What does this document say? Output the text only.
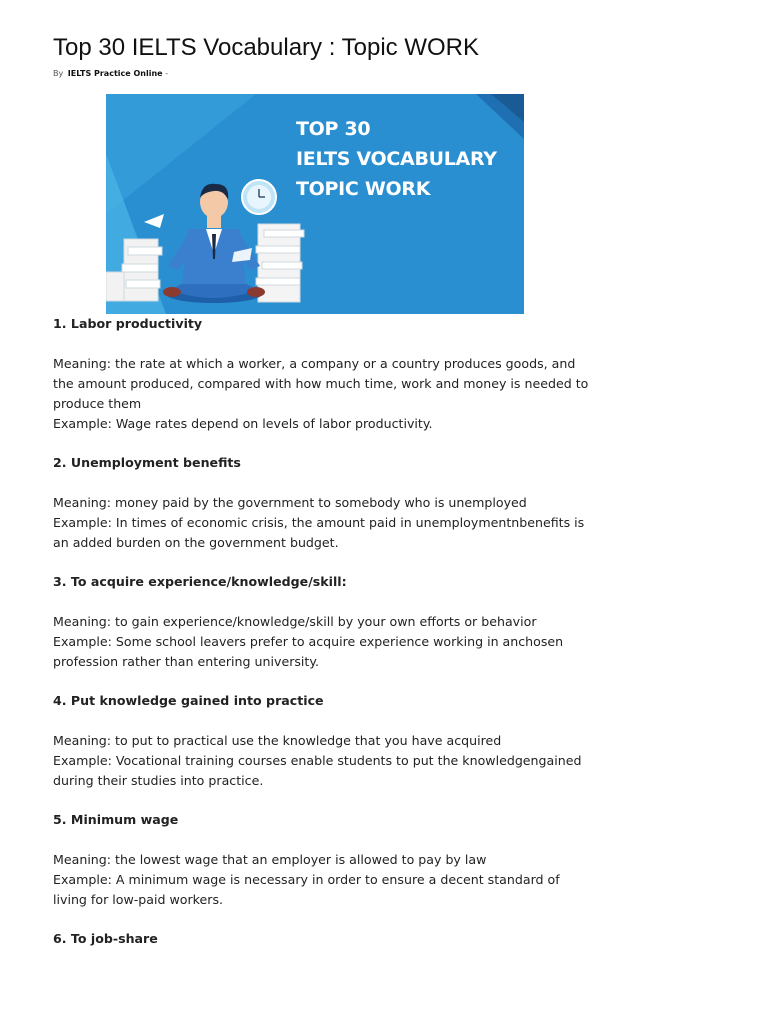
Top 30 IELTS Vocabulary : Topic WORK
By IELTS Practice Online -
TOP 30
IELTS VOCABULARY
TOPIC WORK

1. Labor productivity

Meaning: the rate at which a worker, a company or a country produces goods, and the amount produced, compared with how much time, work and money is needed to produce them

Example: Wage rates depend on levels of labor productivity.

2. Unemployment benefits

Meaning: money paid by the government to somebody who is unemployed

Example: In times of economic crisis, the amount paid in unemploymentnbenefits is an added burden on the government budget.

3. To acquire experience/knowledge/skill:

Meaning: to gain experience/knowledge/skill by your own efforts or behavior

Example: Some school leavers prefer to acquire experience working in anchosen profession rather than entering university.

4. Put knowledge gained into practice

Meaning: to put to practical use the knowledge that you have acquired

Example: Vocational training courses enable students to put the knowledgengained during their studies into practice.

5. Minimum wage

Meaning: the lowest wage that an employer is allowed to pay by law

Example: A minimum wage is necessary in order to ensure a decent standard of living for low-paid workers.

6. To job-share
